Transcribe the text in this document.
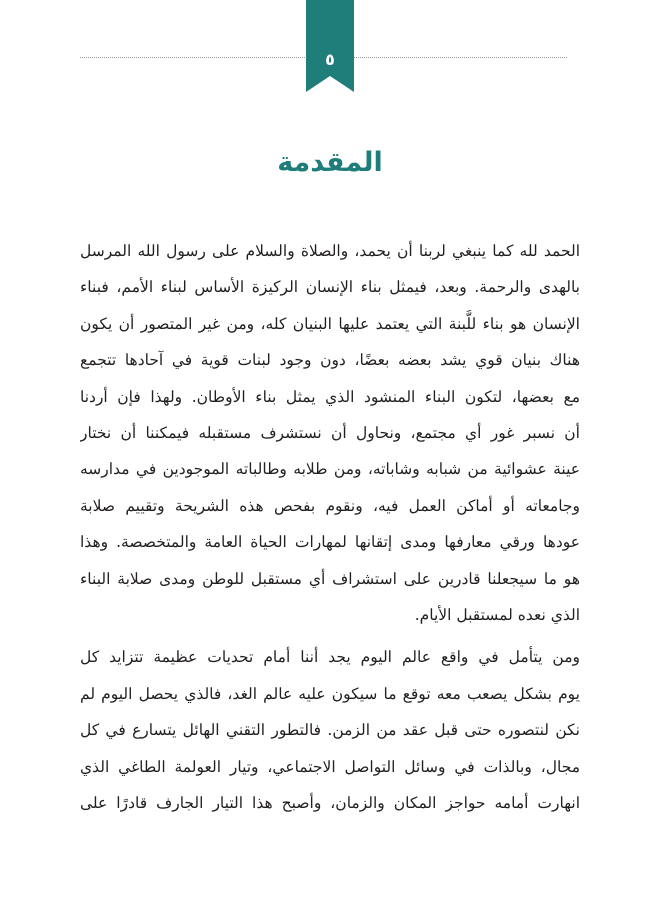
٥
المقدمة

الحمد لله كما ينبغي لربنا أن يحمد، والصلاة والسلام على رسول الله المرسل
بالهدى والرحمة. وبعد، فيمثل بناء الإنسان الركيزة الأساس لبناء الأمم، فبناء
الإنسان هو بناء للَّبنة التي يعتمد عليها البنيان كله، ومن غير المتصور أن يكون
هناك بنيان قوي يشد بعضه بعضًا، دون وجود لبنات قوية في آحادها تتجمع
مع بعضها، لتكون البناء المنشود الذي يمثل بناء الأوطان. ولهذا فإن أردنا
أن نسبر غور أي مجتمع، ونحاول أن نستشرف مستقبله فيمكننا أن نختار
عينة عشوائية من شبابه وشاباته، ومن طلابه وطالباته الموجودين في مدارسه
وجامعاته أو أماكن العمل فيه، ونقوم بفحص هذه الشريحة وتقييم صلابة
عودها ورقي معارفها ومدى إتقانها لمهارات الحياة العامة والمتخصصة. وهذا
هو ما سيجعلنا قادرين على استشراف أي مستقبل للوطن ومدى صلابة البناء
الذي نعده لمستقبل الأيام.

ومن يتأمل في واقع عالم اليوم يجد أننا أمام تحديات عظيمة تتزايد كل
يوم بشكل يصعب معه توقع ما سيكون عليه عالم الغد، فالذي يحصل اليوم لم
نكن لنتصوره حتى قبل عقد من الزمن. فالتطور التقني الهائل يتسارع في كل
مجال، وبالذات في وسائل التواصل الاجتماعي، وتيار العولمة الطاغي الذي
انهارت أمامه حواجز المكان والزمان، وأصبح هذا التيار الجارف قادرًا على
